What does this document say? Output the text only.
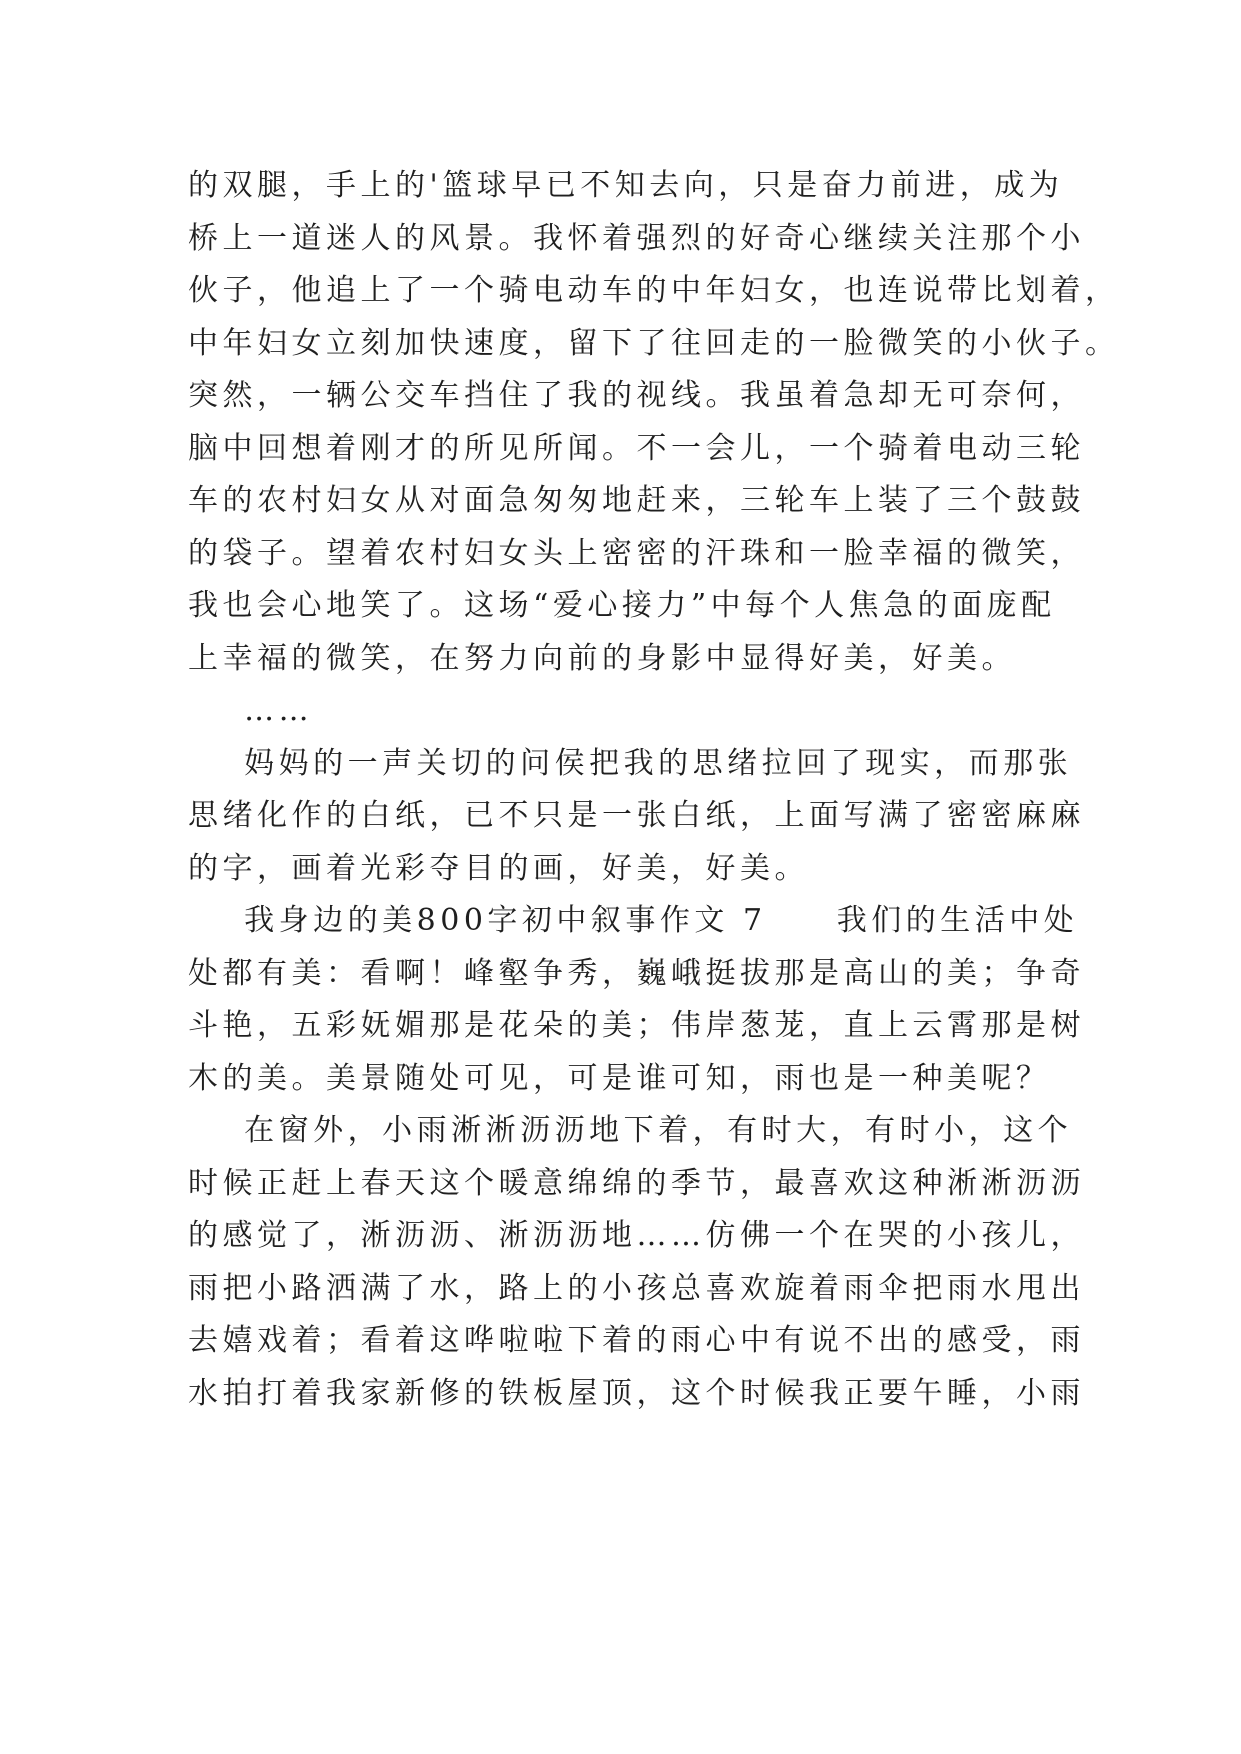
的双腿，手上的'篮球早已不知去向，只是奋力前进，成为

桥上一道迷人的风景。我怀着强烈的好奇心继续关注那个小

伙子，他追上了一个骑电动车的中年妇女，也连说带比划着，

中年妇女立刻加快速度，留下了往回走的一脸微笑的小伙子。

突然，一辆公交车挡住了我的视线。我虽着急却无可奈何，

脑中回想着刚才的所见所闻。不一会儿，一个骑着电动三轮

车的农村妇女从对面急匆匆地赶来，三轮车上装了三个鼓鼓

的袋子。望着农村妇女头上密密的汗珠和一脸幸福的微笑，

我也会心地笑了。这场“爱心接力”中每个人焦急的面庞配

上幸福的微笑，在努力向前的身影中显得好美，好美。

……

妈妈的一声关切的问侯把我的思绪拉回了现实，而那张

思绪化作的白纸，已不只是一张白纸，上面写满了密密麻麻

的字，画着光彩夺目的画，好美，好美。

我身边的美800字初中叙事作文 7     我们的生活中处

处都有美：看啊！峰壑争秀，巍峨挺拔那是高山的美；争奇

斗艳，五彩妩媚那是花朵的美；伟岸葱茏，直上云霄那是树

木的美。美景随处可见，可是谁可知，雨也是一种美呢？

在窗外，小雨淅淅沥沥地下着，有时大，有时小，这个

时候正赶上春天这个暖意绵绵的季节，最喜欢这种淅淅沥沥

的感觉了，淅沥沥、淅沥沥地……仿佛一个在哭的小孩儿，

雨把小路洒满了水，路上的小孩总喜欢旋着雨伞把雨水甩出

去嬉戏着；看着这哗啦啦下着的雨心中有说不出的感受，雨

水拍打着我家新修的铁板屋顶，这个时候我正要午睡，小雨
